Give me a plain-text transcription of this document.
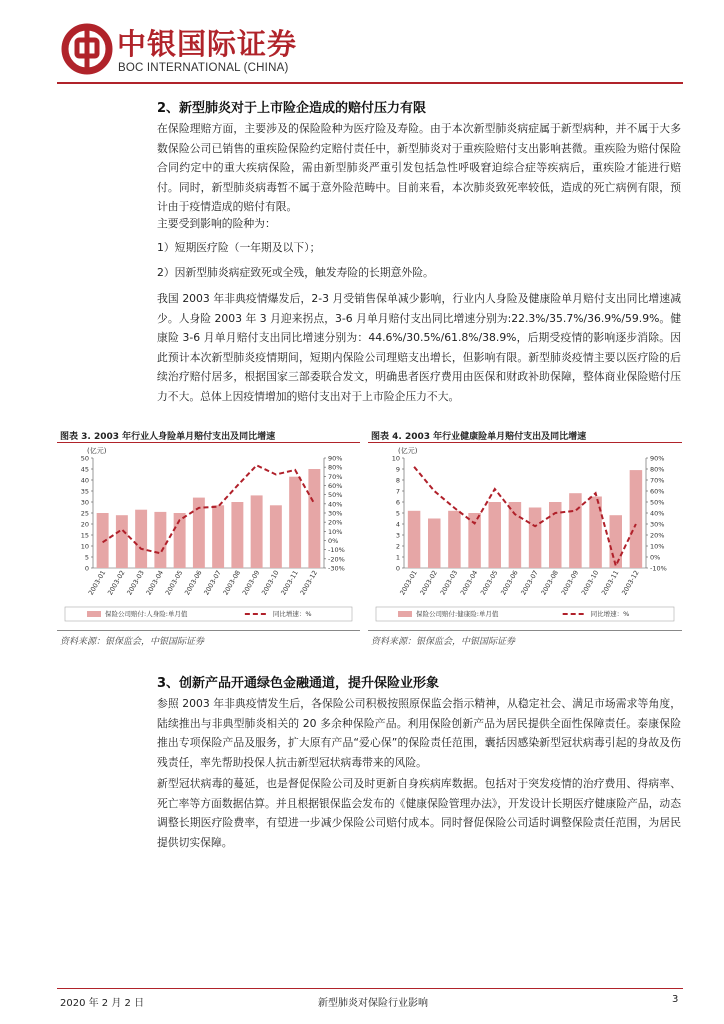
中银国际证券
BOC INTERNATIONAL (CHINA)
2、新型肺炎对于上市险企造成的赔付压力有限
在保险理赔方面，主要涉及的保险险种为医疗险及寿险。由于本次新型肺炎病症属于新型病种，并不属于大多数保险公司已销售的重疾险保险约定赔付责任中，新型肺炎对于重疾险赔付支出影响甚微。重疾险为赔付保险合同约定中的重大疾病保险，需由新型肺炎严重引发包括急性呼吸窘迫综合症等疾病后，重疾险才能进行赔付。同时，新型肺炎病毒暂不属于意外险范畴中。目前来看，本次肺炎致死率较低，造成的死亡病例有限，预计由于疫情造成的赔付有限。
主要受到影响的险种为：
1）短期医疗险（一年期及以下）；
2）因新型肺炎病症致死或全残，触发寿险的长期意外险。
我国 2003 年非典疫情爆发后，2-3 月受销售保单减少影响，行业内人身险及健康险单月赔付支出同比增速减少。人身险 2003 年 3 月迎来拐点，3-6 月单月赔付支出同比增速分别为:22.3%/35.7%/36.9%/59.9%。健康险 3-6 月单月赔付支出同比增速分别为：44.6%/30.5%/61.8%/38.9%，后期受疫情的影响逐步消除。因此预计本次新型肺炎疫情期间，短期内保险公司理赔支出增长，但影响有限。新型肺炎疫情主要以医疗险的后续治疗赔付居多，根据国家三部委联合发文，明确患者医疗费用由医保和财政补助保障，整体商业保险赔付压力不大。总体上因疫情增加的赔付支出对于上市险企压力不大。
图表 3. 2003 年行业人身险单月赔付支出及同比增速
(亿元)
0
5
10
15
20
25
30
35
40
45
50
-30%
-20%
-10%
0%
10%
20%
30%
40%
50%
60%
70%
80%
90%
2003-01
2003-02
2003-03
2003-04
2003-05
2003-06
2003-07
2003-08
2003-09
2003-10
2003-11
2003-12
保险公司赔付:人身险:单月值	同比增速：%
资料来源：银保监会，中银国际证券
图表 4. 2003 年行业健康险单月赔付支出及同比增速
(亿元)
0
1
2
3
4
5
6
7
8
9
10
-10%
0%
10%
20%
30%
40%
50%
60%
70%
80%
90%
2003-01 2003-02 2003-03 2003-04 2003-05 2003-06 2003-07 2003-08 2003-09 2003-10 2003-11 2003-12
保险公司赔付:健康险:单月值	同比增速：%
资料来源：银保监会，中银国际证券
3、创新产品开通绿色金融通道，提升保险业形象
参照 2003 年非典疫情发生后，各保险公司积极按照原保监会指示精神，从稳定社会、满足市场需求等角度，陆续推出与非典型肺炎相关的 20 多余种保险产品。利用保险创新产品为居民提供全面性保障责任。泰康保险推出专项保险产品及服务，扩大原有产品“爱心保”的保险责任范围，囊括因感染新型冠状病毒引起的身故及伤残责任，率先帮助投保人抗击新型冠状病毒带来的风险。
新型冠状病毒的蔓延，也是督促保险公司及时更新自身疾病库数据。包括对于突发疫情的治疗费用、得病率、死亡率等方面数据估算。并且根据银保监会发布的《健康保险管理办法》，开发设计长期医疗健康险产品，动态调整长期医疗险费率，有望进一步减少保险公司赔付成本。同时督促保险公司适时调整保险责任范围，为居民提供切实保障。
2020 年 2 月 2 日	新型肺炎对保险行业影响	3
